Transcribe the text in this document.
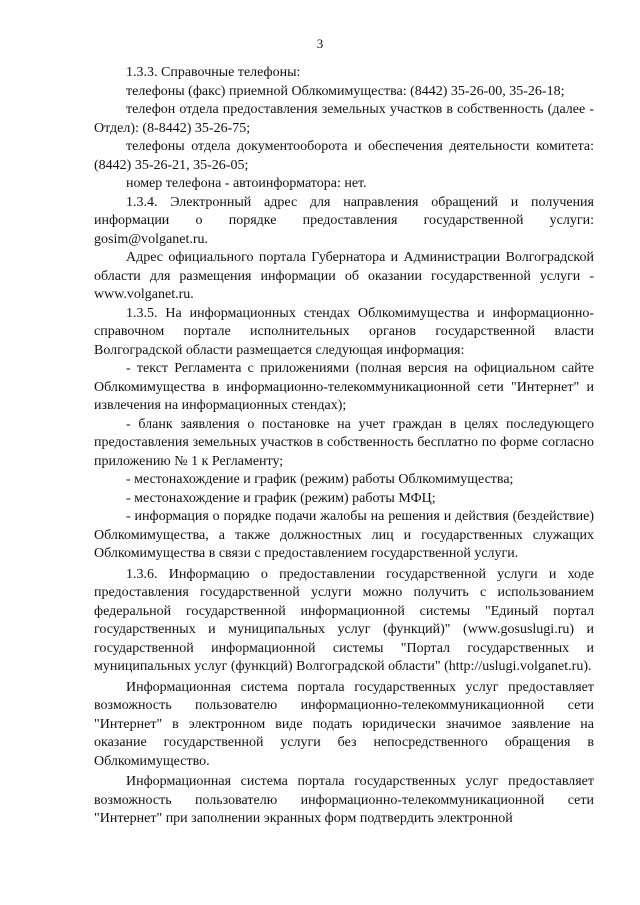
3

1.3.3. Справочные телефоны:

телефоны (факс) приемной Облкомимущества: (8442) 35-26-00, 35-26-18;

телефон отдела предоставления земельных участков в собственность (далее - Отдел): (8-8442) 35-26-75;

телефоны отдела документооборота и обеспечения деятельности комитета: (8442) 35-26-21, 35-26-05;

номер телефона - автоинформатора: нет.

1.3.4. Электронный адрес для направления обращений и получения информации о порядке предоставления государственной услуги: gosim@volganet.ru.

Адрес официального портала Губернатора и Администрации Волгоградской области для размещения информации об оказании государственной услуги - www.volganet.ru.

1.3.5. На информационных стендах Облкомимущества и информационно-справочном портале исполнительных органов государственной власти Волгоградской области размещается следующая информация:

- текст Регламента с приложениями (полная версия на официальном сайте Облкомимущества в информационно-телекоммуникационной сети "Интернет" и извлечения на информационных стендах);

- бланк заявления о постановке на учет граждан в целях последующего предоставления земельных участков в собственность бесплатно по форме согласно приложению № 1 к Регламенту;

- местонахождение и график (режим) работы Облкомимущества;

- местонахождение и график (режим) работы МФЦ;

- информация о порядке подачи жалобы на решения и действия (бездействие) Облкомимущества, а также должностных лиц и государственных служащих Облкомимущества в связи с предоставлением государственной услуги.

1.3.6. Информацию о предоставлении государственной услуги и ходе предоставления государственной услуги можно получить с использованием федеральной государственной информационной системы "Единый портал государственных и муниципальных услуг (функций)" (www.gosuslugi.ru) и государственной информационной системы "Портал государственных и муниципальных услуг (функций) Волгоградской области" (http://uslugi.volganet.ru).

Информационная система портала государственных услуг предоставляет возможность пользователю информационно-телекоммуникационной сети "Интернет" в электронном виде подать юридически значимое заявление на оказание государственной услуги без непосредственного обращения в Облкомимущество.

Информационная система портала государственных услуг предоставляет возможность пользователю информационно-телекоммуникационной сети "Интернет" при заполнении экранных форм подтвердить электронной
